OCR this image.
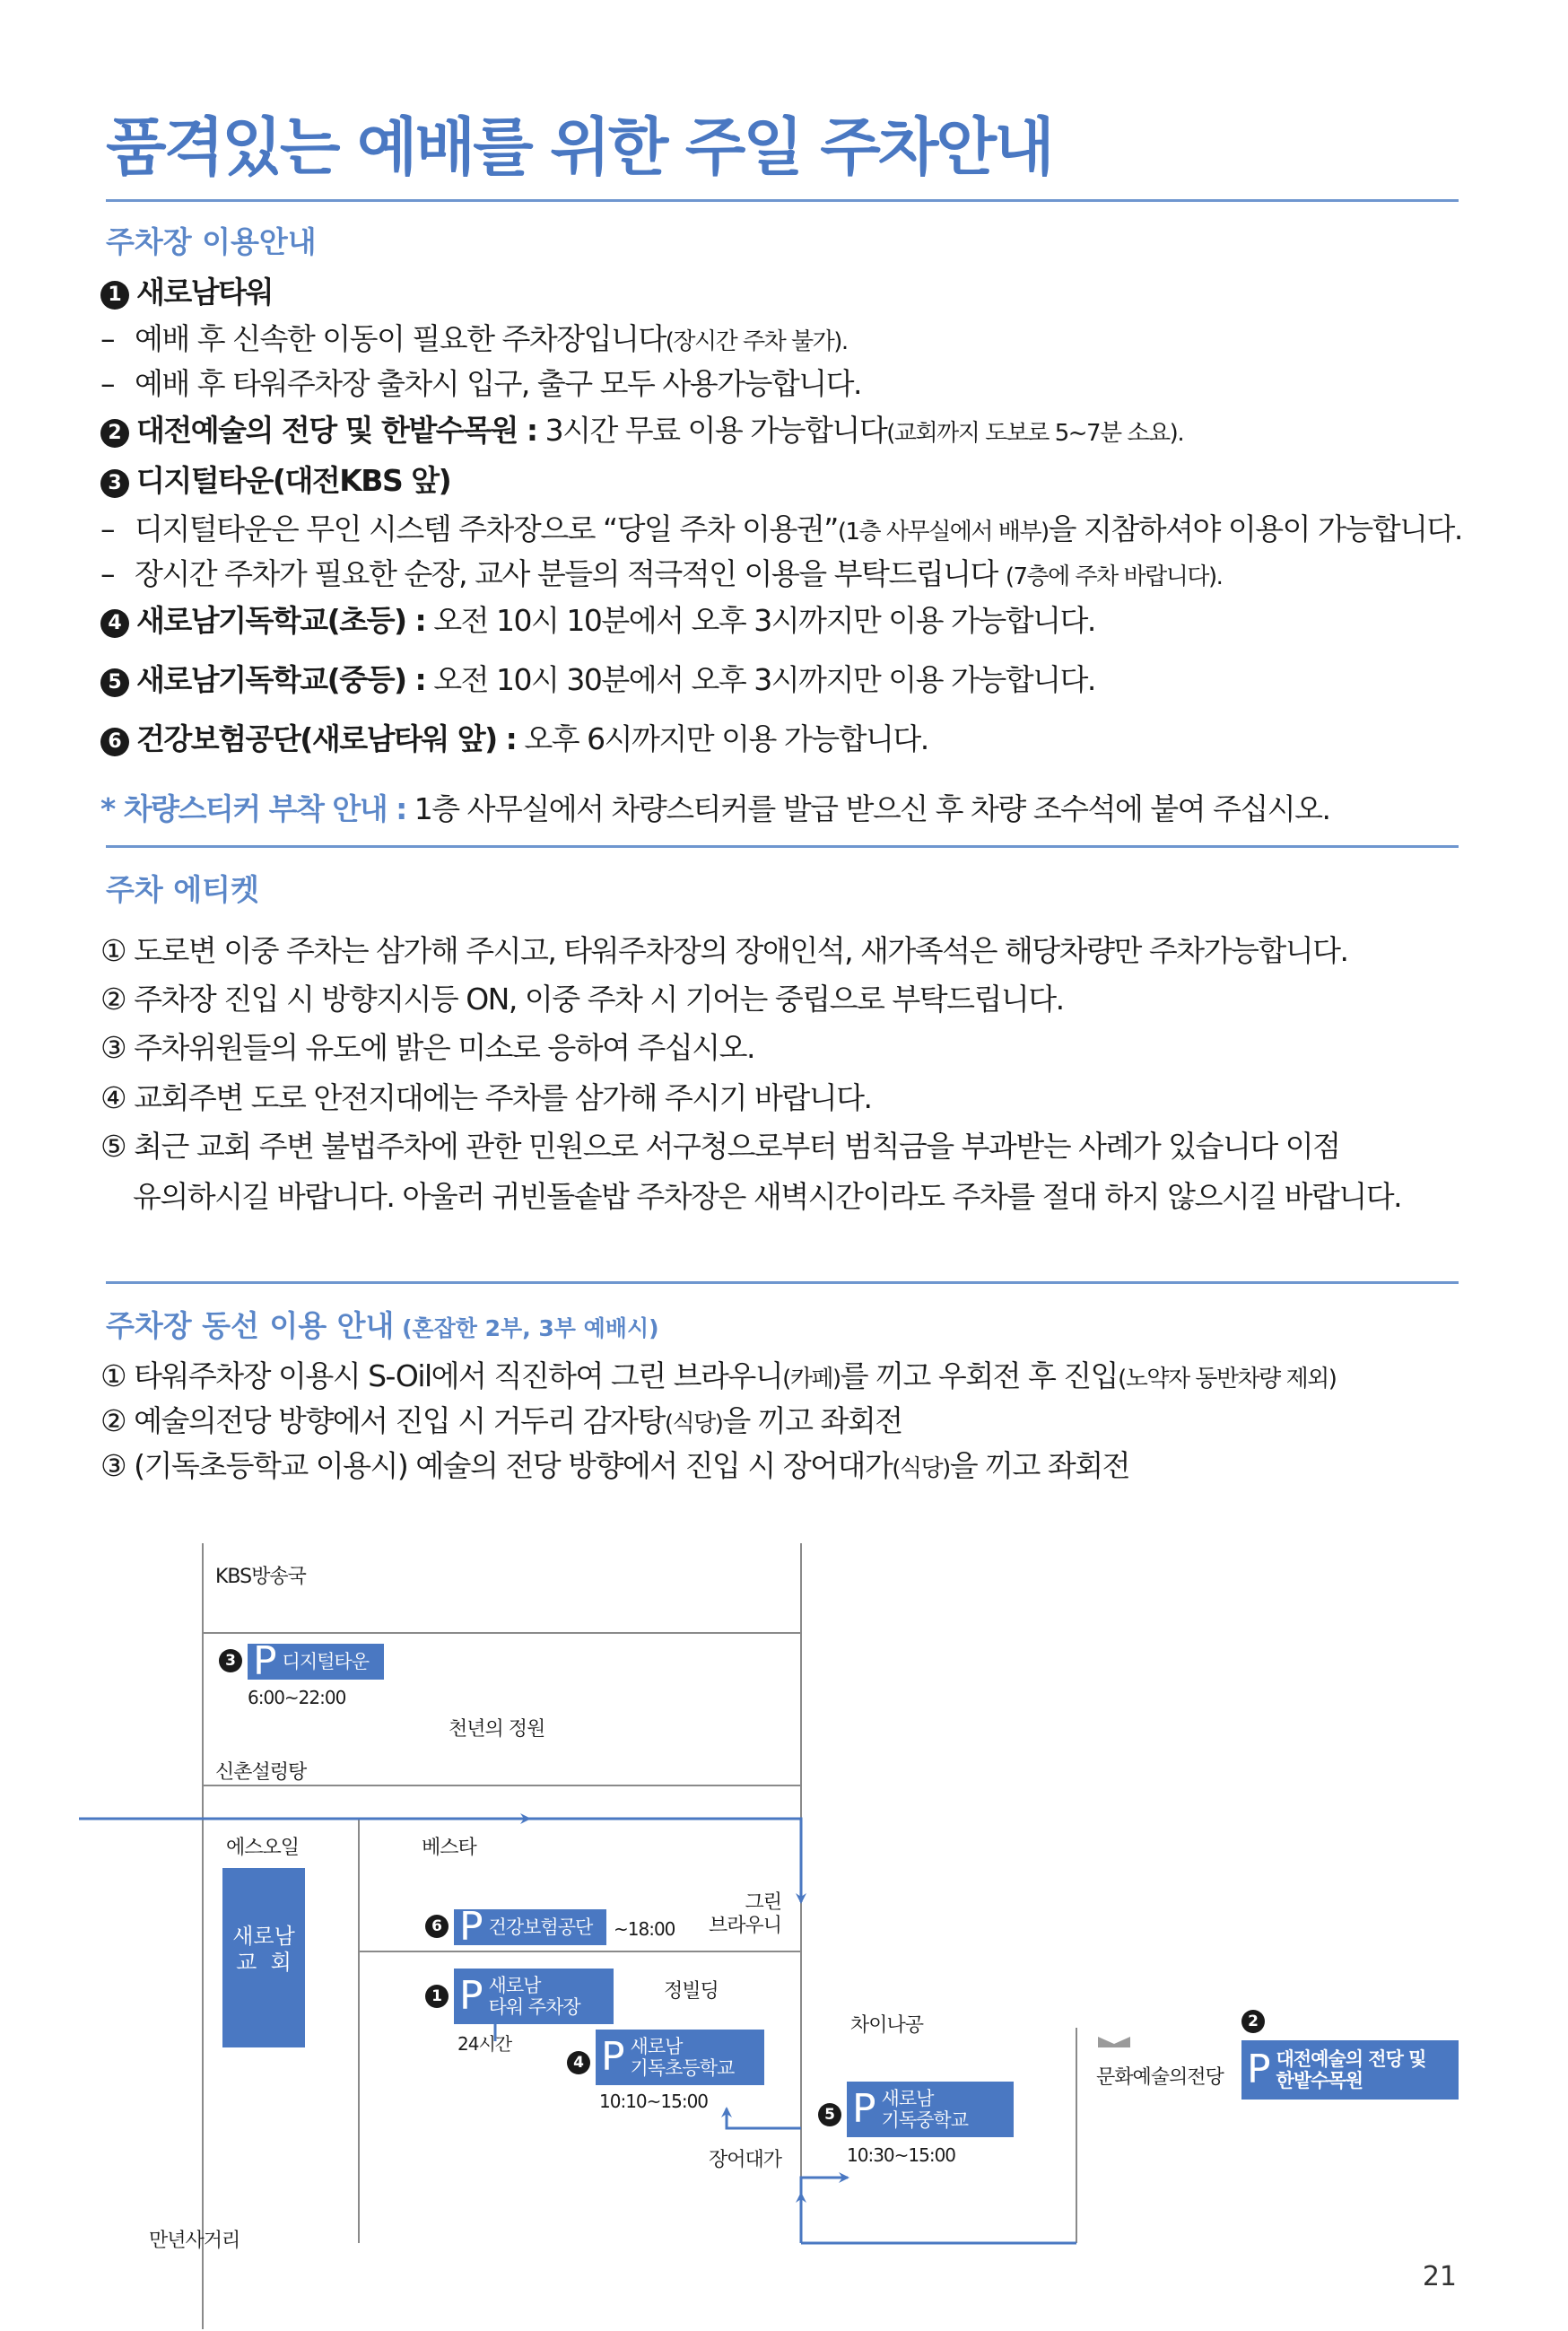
품격있는 예배를 위한 주일 주차안내
주차장 이용안내
1 새로남타워
– 예배 후 신속한 이동이 필요한 주차장입니다(장시간 주차 불가).
– 예배 후 타워주차장 출차시 입구, 출구 모두 사용가능합니다.
2 대전예술의 전당 및 한밭수목원 : 3시간 무료 이용 가능합니다(교회까지 도보로 5~7분 소요).
3 디지털타운(대전KBS 앞)
– 디지털타운은 무인 시스템 주차장으로 “당일 주차 이용권”(1층 사무실에서 배부)을 지참하셔야 이용이 가능합니다.
– 장시간 주차가 필요한 순장, 교사 분들의 적극적인 이용을 부탁드립니다 (7층에 주차 바랍니다).
4 새로남기독학교(초등) : 오전 10시 10분에서 오후 3시까지만 이용 가능합니다.
5 새로남기독학교(중등) : 오전 10시 30분에서 오후 3시까지만 이용 가능합니다.
6 건강보험공단(새로남타워 앞) : 오후 6시까지만 이용 가능합니다.
* 차량스티커 부착 안내 : 1층 사무실에서 차량스티커를 발급 받으신 후 차량 조수석에 붙여 주십시오.
주차 에티켓
① 도로변 이중 주차는 삼가해 주시고, 타워주차장의 장애인석, 새가족석은 해당차량만 주차가능합니다.
② 주차장 진입 시 방향지시등 ON, 이중 주차 시 기어는 중립으로 부탁드립니다.
③ 주차위원들의 유도에 밝은 미소로 응하여 주십시오.
④ 교회주변 도로 안전지대에는 주차를 삼가해 주시기 바랍니다.
⑤ 최근 교회 주변 불법주차에 관한 민원으로 서구청으로부터 범칙금을 부과받는 사례가 있습니다 이점
유의하시길 바랍니다. 아울러 귀빈돌솥밥 주차장은 새벽시간이라도 주차를 절대 하지 않으시길 바랍니다.
주차장 동선 이용 안내 (혼잡한 2부, 3부 예배시)
① 타워주차장 이용시 S-Oil에서 직진하여 그린 브라우니(카페)를 끼고 우회전 후 진입(노약자 동반차량 제외)
② 예술의전당 방향에서 진입 시 거두리 감자탕(식당)을 끼고 좌회전
③ (기독초등학교 이용시) 예술의 전당 방향에서 진입 시 장어대가(식당)을 끼고 좌회전
KBS방송국
3 P 디지털타운
6:00~22:00
천년의 정원
신촌설렁탕
에스오일	베스타
새로남
교  회
6 P 건강보험공단 ~18:00
그린
브라우니
1 P 새로남
타워 주차장
24시간
정빌딩
4 P 새로남
기독초등학교
10:10~15:00
차이나공
5 P 새로남
기독중학교
10:30~15:00
장어대가
문화예술의전당
2
P 대전예술의 전당 및
한밭수목원
만년사거리
21
